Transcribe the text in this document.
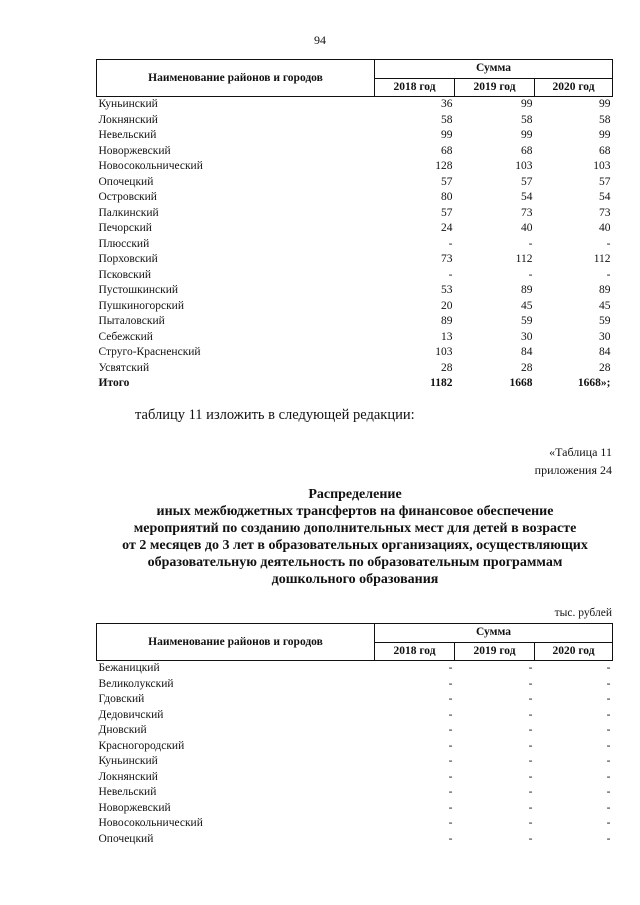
94
Наименование районов и городов	Сумма		
	2018 год	2019 год	2020 год
Куньинский	36	99	99
Локнянский	58	58	58
Невельский	99	99	99
Новоржевский	68	68	68
Новосокольнический	128	103	103
Опочецкий	57	57	57
Островский	80	54	54
Палкинский	57	73	73
Печорский	24	40	40
Плюсский	-	-	-
Порховский	73	112	112
Псковский	-	-	-
Пустошкинский	53	89	89
Пушкиногорский	20	45	45
Пыталовский	89	59	59
Себежский	13	30	30
Струго-Красненский	103	84	84
Усвятский	28	28	28
Итого	1182	1668	1668»;
таблицу 11 изложить в следующей редакции:
«Таблица 11
приложения 24
Распределение
иных межбюджетных трансфертов на финансовое обеспечение
мероприятий по созданию дополнительных мест для детей в возрасте
от 2 месяцев до 3 лет в образовательных организациях, осуществляющих
образовательную деятельность по образовательным программам
дошкольного образования
тыс. рублей
Наименование районов и городов	Сумма		
	2018 год	2019 год	2020 год
Бежаницкий	-	-	-
Великолукский	-	-	-
Гдовский	-	-	-
Дедовичский	-	-	-
Дновский	-	-	-
Красногородский	-	-	-
Куньинский	-	-	-
Локнянский	-	-	-
Невельский	-	-	-
Новоржевский	-	-	-
Новосокольнический	-	-	-
Опочецкий	-	-	-
